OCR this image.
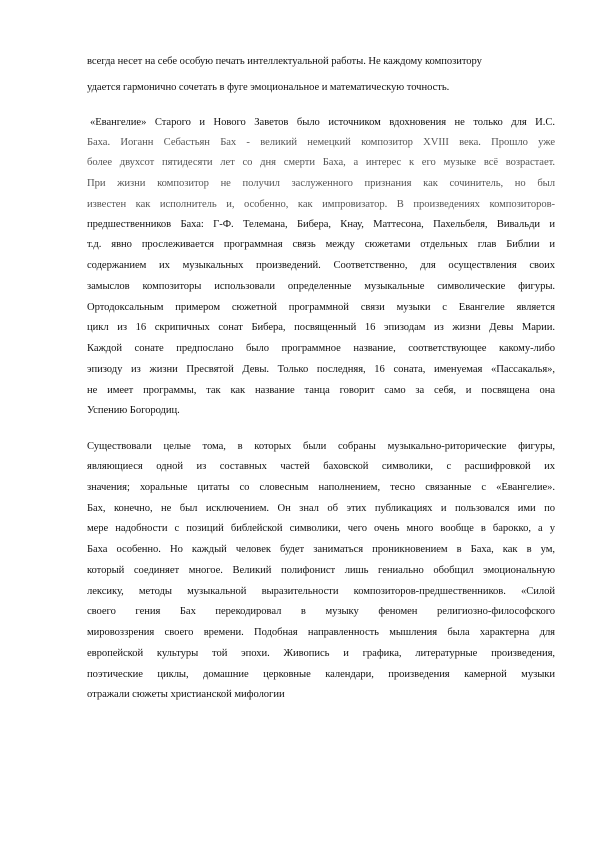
всегда несет на себе особую печать интеллектуальной работы. Не каждому композитору
удается гармонично сочетать в фуге эмоциональное и математическую точность.
«Евангелие» Старого и Нового Заветов было источником вдохновения не только для И.С.
Баха. Иоганн Себастьян Бах - великий немецкий композитор XVIII века. Прошло уже
более двухсот пятидесяти лет со дня смерти Баха, а интерес к его музыке всё возрастает.
При жизни композитор не получил заслуженного признания как сочинитель, но был
известен как исполнитель и, особенно, как импровизатор. В произведениях композиторов-
предшественников Баха: Г-Ф. Телемана, Бибера, Кнау, Маттесона, Пахельбеля, Вивальди и
т.д. явно прослеживается программная связь между сюжетами отдельных глав Библии и
содержанием их музыкальных произведений. Соответственно, для осуществления своих
замыслов композиторы использовали определенные музыкальные символические фигуры.
Ортодоксальным примером сюжетной программной связи музыки с Евангелие является
цикл из 16 скрипичных сонат Бибера, посвященный 16 эпизодам из жизни Девы Марии.
Каждой сонате предпослано было программное название, соответствующее какому-либо
эпизоду из жизни Пресвятой Девы. Только последняя, 16 соната, именуемая «Пассакалья»,
не имеет программы, так как название танца говорит само за себя, и посвящена она
Успению Богородиц.
Существовали целые тома, в которых были собраны музыкально-риторические фигуры,
являющиеся одной из составных частей баховской символики, с расшифровкой их
значения; хоральные цитаты со словесным наполнением, тесно связанные с «Евангелие».
Бах, конечно, не был исключением. Он знал об этих публикациях и пользовался ими по
мере надобности с позиций библейской символики, чего очень много вообще в барокко, а у
Баха особенно. Но каждый человек будет заниматься проникновением в Баха, как в ум,
который соединяет многое. Великий полифонист лишь гениально обобщил эмоциональную
лексику, методы музыкальной выразительности композиторов-предшественников. «Силой
своего гения Бах перекодировал в музыку феномен религиозно-философского
мировоззрения своего времени. Подобная направленность мышления была характерна для
европейской культуры той эпохи. Живопись и графика, литературные произведения,
поэтические циклы, домашние церковные календари, произведения камерной музыки
отражали сюжеты христианской мифологии
